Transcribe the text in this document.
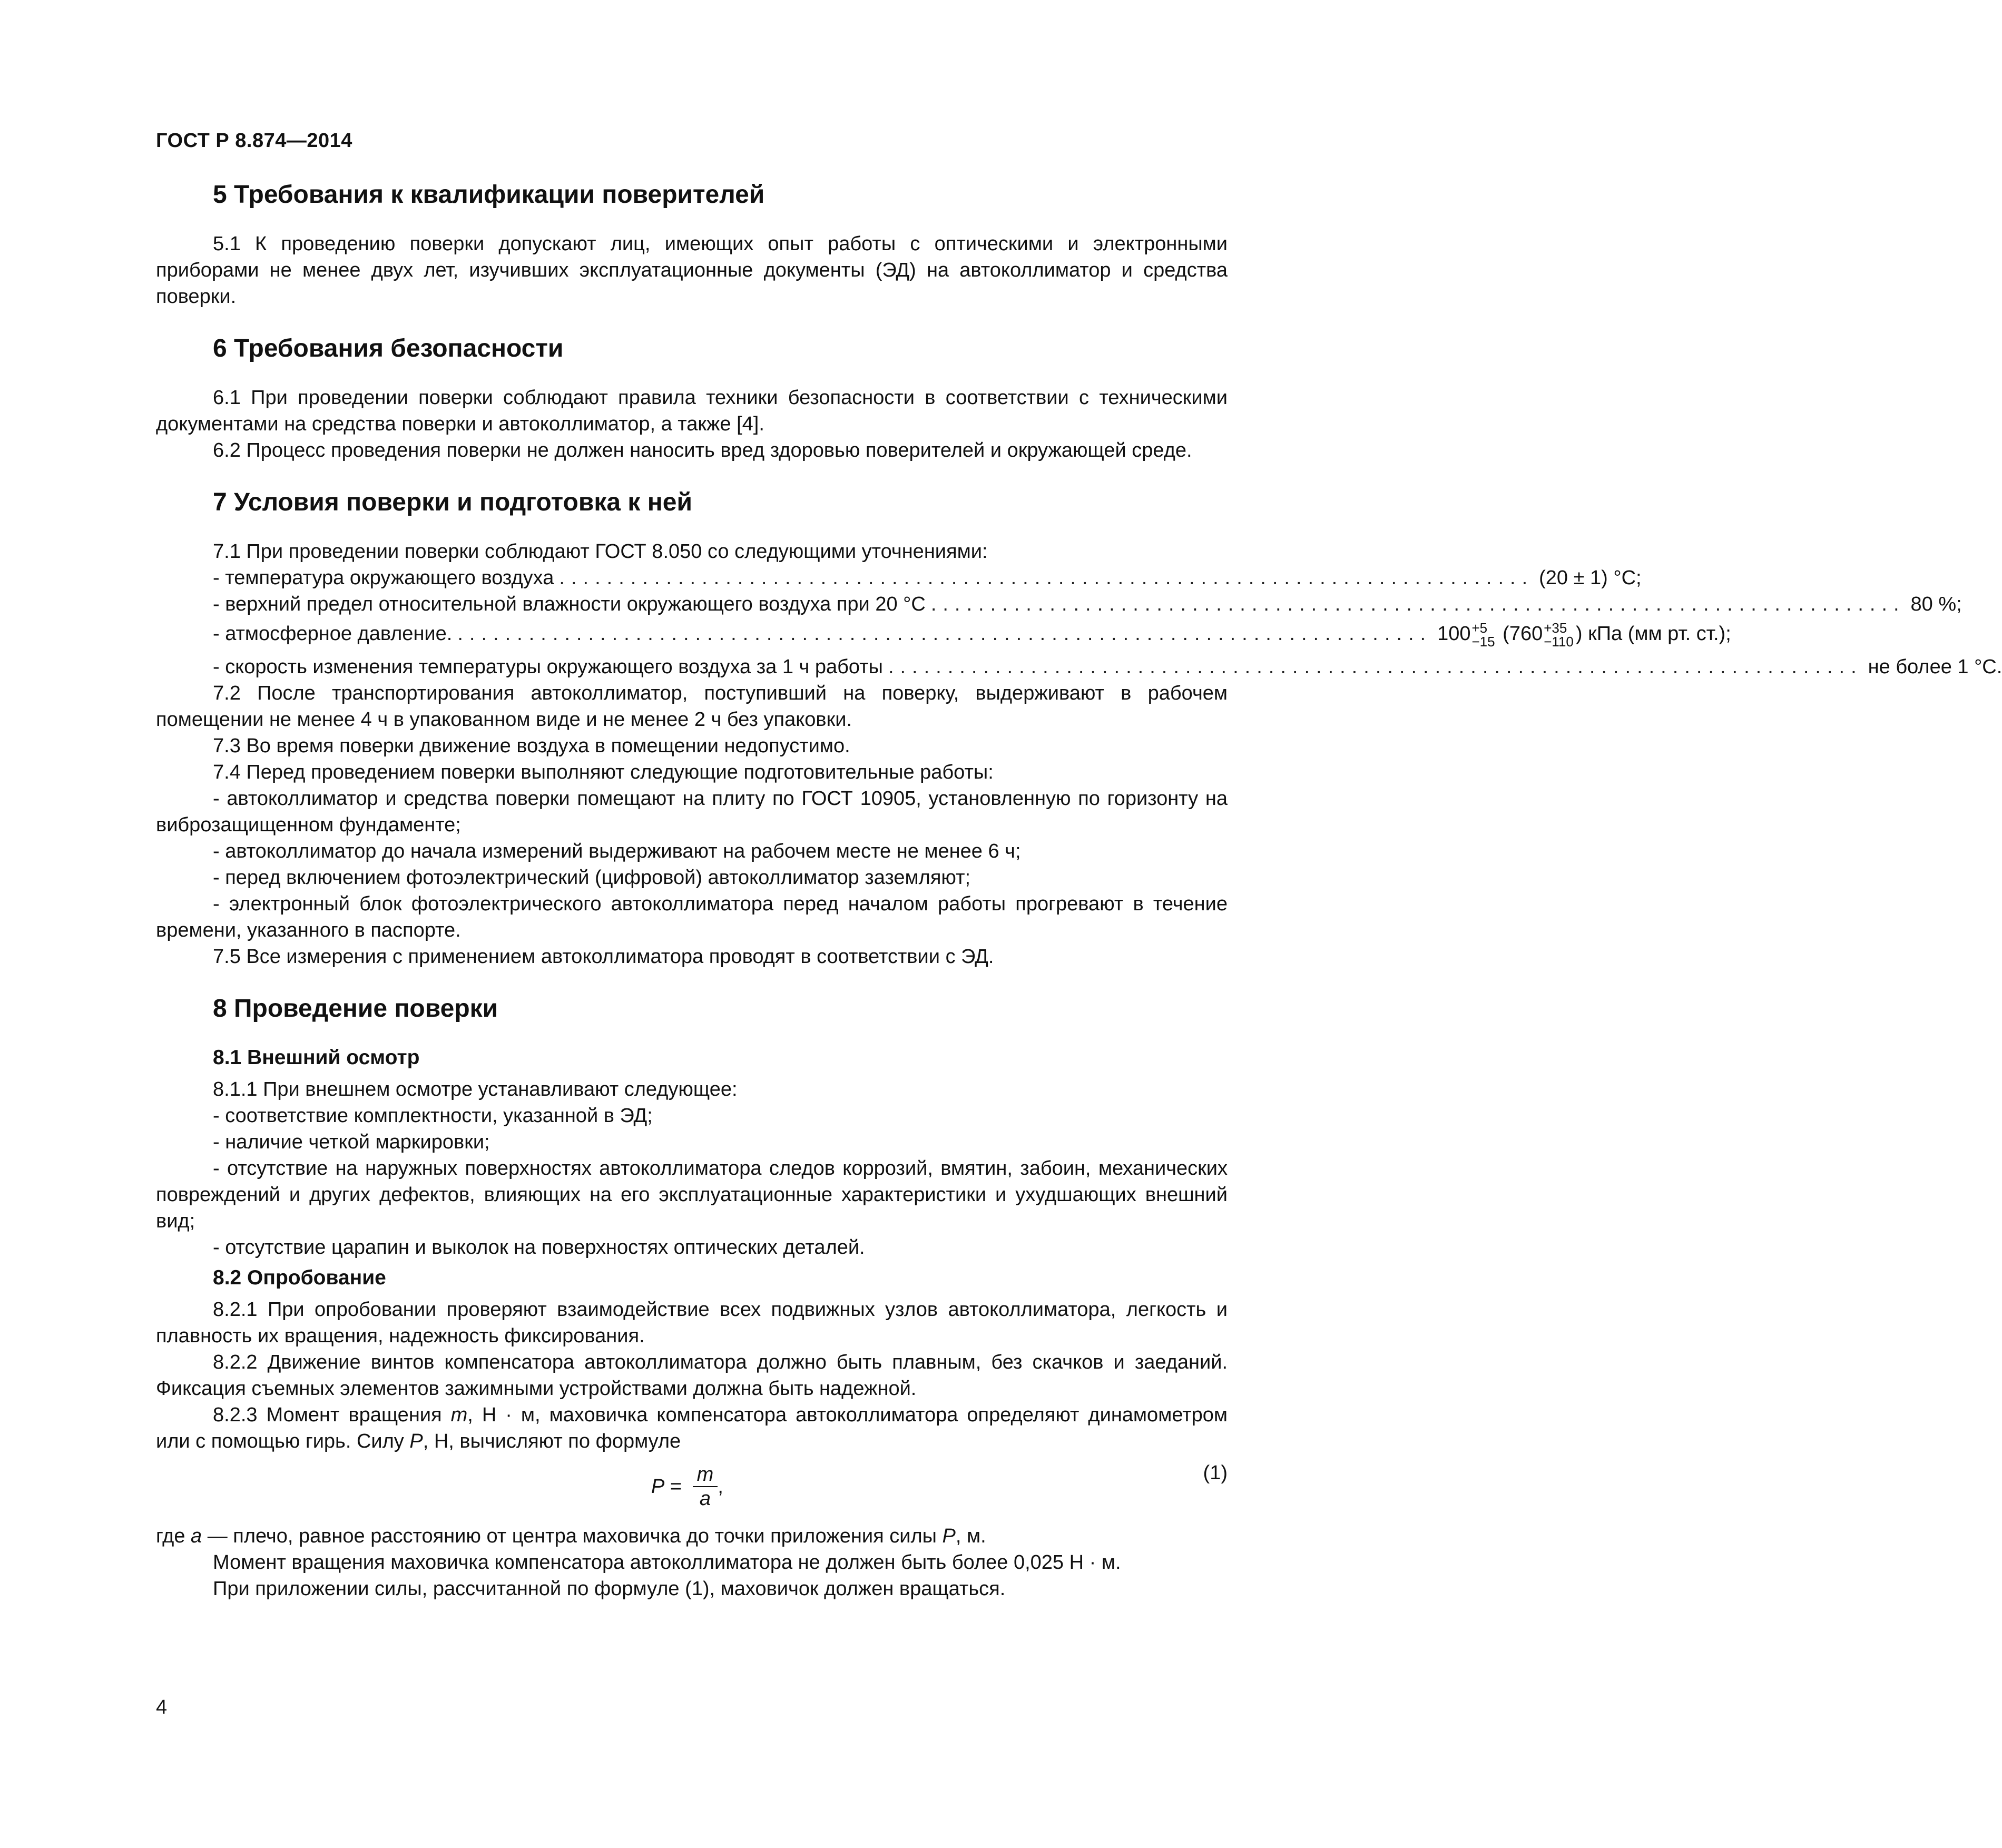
ГОСТ Р 8.874—2014
5 Требования к квалификации поверителей

5.1 К проведению поверки допускают лиц, имеющих опыт работы с оптическими и электронными приборами не менее двух лет, изучивших эксплуатационные документы (ЭД) на автоколлиматор и средства поверки.

6 Требования безопасности

6.1 При проведении поверки соблюдают правила техники безопасности в соответствии с техническими документами на средства поверки и автоколлиматор, а также [4].

6.2 Процесс проведения поверки не должен наносить вред здоровью поверителей и окружающей среде.

7 Условия поверки и подготовка к ней

7.1 При проведении поверки соблюдают ГОСТ 8.050 со следующими уточнениями:

- температура окружающего воздуха .................................................................................. (20 ± 1) °С;
- верхний предел относительной влажности окружающего воздуха при 20 °С .................................................................................. 80 %;
- атмосферное давление. .................................................................................. 100 +5
−15 (760 +35
−110 ) кПа (мм рт. ст.);
- скорость изменения температуры окружающего воздуха за 1 ч работы .................................................................................. не более 1 °С.

7.2 После транспортирования автоколлиматор, поступивший на поверку, выдерживают в рабочем помещении не менее 4 ч в упакованном виде и не менее 2 ч без упаковки.

7.3 Во время поверки движение воздуха в помещении недопустимо.

7.4 Перед проведением поверки выполняют следующие подготовительные работы:

- автоколлиматор и средства поверки помещают на плиту по ГОСТ 10905, установленную по горизонту на виброзащищенном фундаменте;

- автоколлиматор до начала измерений выдерживают на рабочем месте не менее 6 ч;

- перед включением фотоэлектрический (цифровой) автоколлиматор заземляют;

- электронный блок фотоэлектрического автоколлиматора перед началом работы прогревают в течение времени, указанного в паспорте.

7.5 Все измерения с применением автоколлиматора проводят в соответствии с ЭД.

8 Проведение поверки
8.1 Внешний осмотр

8.1.1 При внешнем осмотре устанавливают следующее:

- соответствие комплектности, указанной в ЭД;

- наличие четкой маркировки;

- отсутствие на наружных поверхностях автоколлиматора следов коррозий, вмятин, забоин, механических повреждений и других дефектов, влияющих на его эксплуатационные характеристики и ухудшающих внешний вид;

- отсутствие царапин и выколок на поверхностях оптических деталей.

8.2 Опробование

8.2.1 При опробовании проверяют взаимодействие всех подвижных узлов автоколлиматора, легкость и плавность их вращения, надежность фиксирования.

8.2.2 Движение винтов компенсатора автоколлиматора должно быть плавным, без скачков и заеданий. Фиксация съемных элементов зажимными устройствами должна быть надежной.

8.2.3 Момент вращения m, Н · м, маховичка компенсатора автоколлиматора определяют динамометром или с помощью гирь. Силу P, Н, вычисляют по формуле

$P = \frac{m}{a}$ ,
(1)

где a — плечо, равное расстоянию от центра маховичка до точки приложения силы P, м.

Момент вращения маховичка компенсатора автоколлиматора не должен быть более 0,025 Н · м.

При приложении силы, рассчитанной по формуле (1), маховичок должен вращаться.

4
